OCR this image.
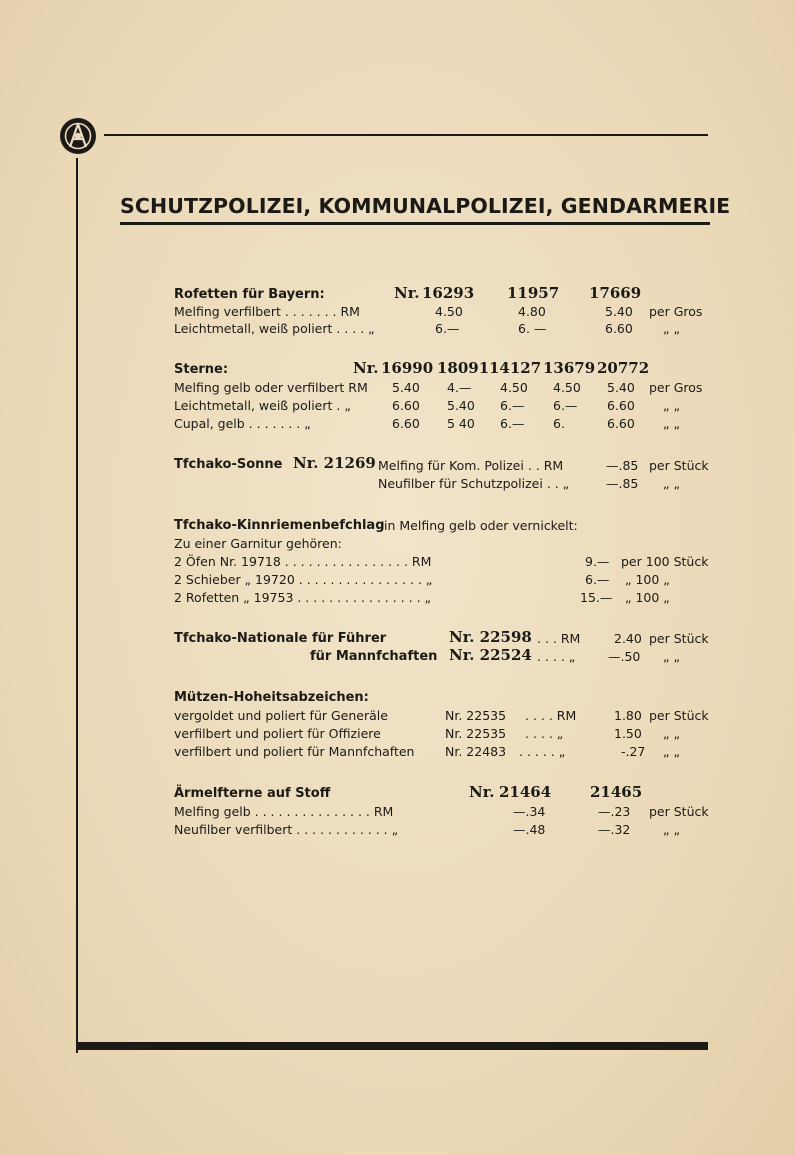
SCHUTZPOLIZEI, KOMMUNALPOLIZEI, GENDARMERIE
Rofetten für Bayern:	Nr. 16293 11957 17669
Melfing verfilbert . . . . . . . RM	4.50	4.80	5.40 per Gros
Leichtmetall, weiß poliert . . . . „	6.—	6. —	6.60 „ „
Sterne:	Nr. 16990 18091 14127 13679 20772
Melfing gelb oder verfilbert RM 5.40 4.— 4.50 4.50 5.40 per Gros
Leichtmetall, weiß poliert . „	6.60 5.40 6.— 6.— 6.60 „ „
Cupal, gelb . . . . . . . „	6.60 5 40 6.— 6.	6.60 „ „
Tfchako-Sonne Nr. 21269 Melfing für Kom. Polizei . . RM	—.85 per Stück
Neufilber für Schutzpolizei . . „	—.85 „ „
Tfchako-Kinnriemenbefchlag in Melfing gelb oder vernickelt:
Zu einer Garnitur gehören:
2 Öfen Nr. 19718 . . . . . . . . . . . . . . . . RM	9.— per 100 Stück
2 Schieber „ 19720 . . . . . . . . . . . . . . . . „	6.— „ 100 „
2 Rofetten „ 19753 . . . . . . . . . . . . . . . . „	15.— „ 100 „
Tfchako-Nationale für Führer	Nr. 22598 . . . RM	2.40 per Stück
für Mannfchaften Nr. 22524 . . . . „	—.50 „ „
Mützen-Hoheitsabzeichen:
vergoldet und poliert für Generäle	Nr. 22535 . . . . RM	1.80 per Stück
verfilbert und poliert für Offiziere	Nr. 22535 . . . . „	1.50 „ „
verfilbert und poliert für Mannfchaften Nr. 22483 . . . . . „	-.27 „ „
Ärmelfterne auf Stoff	Nr. 21464	21465
Melfing gelb . . . . . . . . . . . . . . . RM	—.34	—.23 per Stück
Neufilber verfilbert . . . . . . . . . . . . „	—.48	—.32	„ „
